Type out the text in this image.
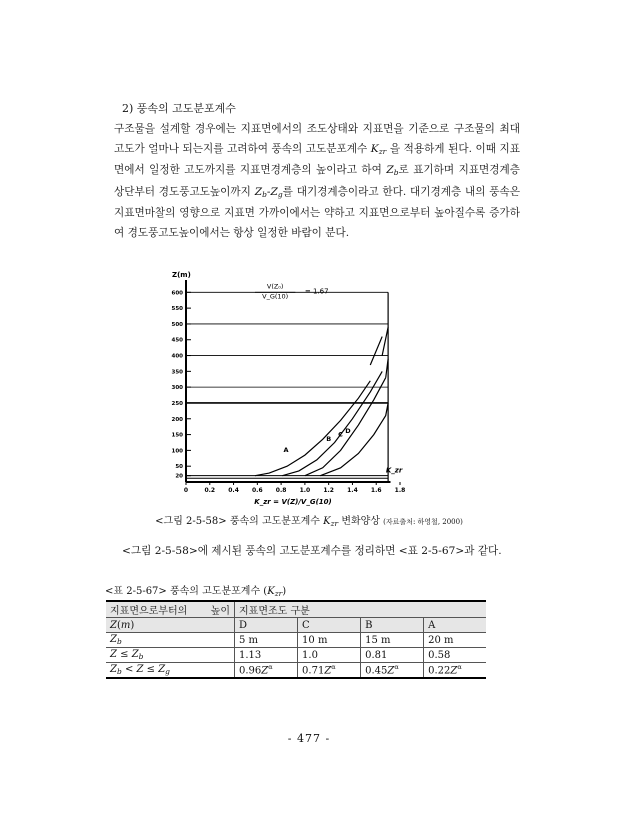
2) 풍속의 고도분포계수

구조물을 설계할 경우에는 지표면에서의 조도상태와 지표면을 기준으로 구조물의 최대 고도가 얼마나 되는지를 고려하여 풍속의 고도분포계수 $K_{zr}$ 을 적용하게 된다. 이때 지표면에서 일정한 고도까지를 지표면경계층의 높이라고 하여 $Z_b$로 표기하며 지표면경계층 상단부터 경도풍고도높이까지 $Z_b-Z_g$를 대기경계층이라고 한다. 대기경계층 내의 풍속은 지표면마찰의 영향으로 지표면 가까이에서는 약하고 지표면으로부터 높아질수록 증가하여 경도풍고도높이에서는 항상 일정한 바람이 분다.

20
50
100
150
200
250
300
350
400
450
500
550
600
0	0.2 0.4 0.6 0.8 1.0 1.2 1.4 1.6 1.8
A
B
C D
V(Z₀)
V_G(10)
= 1.67
Z(m)
K_zr
K_zr = V(Z)/V_G(10)
<그림 2-5-58> 풍속의 고도분포계수 $K_{zr}$ 변화양상 (자료출처: 하영철, 2000)
<그림 2-5-58>에 제시된 풍속의 고도분포계수를 정리하면 <표 2-5-67>과 같다.
<표 2-5-67> 풍속의 고도분포계수 $(K_{zr})$
지표면으로부터의 높이	지표면조도 구분			
Z(m)	D	C	B	A
$Z_b$	5 m	10 m	15 m	20 m
$Z \le Z_b$	1.13	1.0	0.81	0.58
$Z_b < Z \le Z_g$	$0.96Z^\alpha$	$0.71Z^\alpha$	$0.45Z^\alpha$	$0.22Z^\alpha$
- 477 -
